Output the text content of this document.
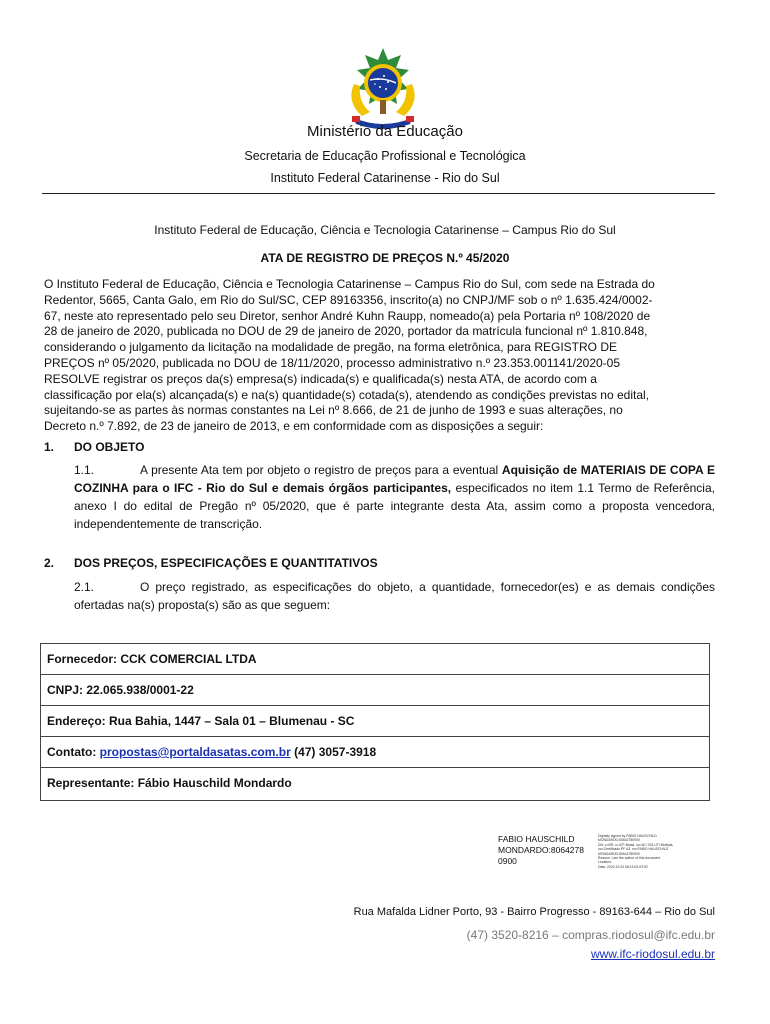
Ministério da Educação
Secretaria de Educação Profissional e Tecnológica
Instituto Federal Catarinense - Rio do Sul
Instituto Federal de Educação, Ciência e Tecnologia Catarinense – Campus Rio do Sul
ATA DE REGISTRO DE PREÇOS N.º 45/2020
O Instituto Federal de Educação, Ciência e Tecnologia Catarinense – Campus Rio do Sul, com sede na Estrada do
Redentor, 5665, Canta Galo, em Rio do Sul/SC, CEP 89163356, inscrito(a) no CNPJ/MF sob o nº 1.635.424/0002-
67, neste ato representado pelo seu Diretor, senhor André Kuhn Raupp, nomeado(a) pela Portaria nº 108/2020 de
28 de janeiro de 2020, publicada no DOU de 29 de janeiro de 2020, portador da matrícula funcional nº 1.810.848,
considerando o julgamento da licitação na modalidade de pregão, na forma eletrônica, para REGISTRO DE
PREÇOS nº 05/2020, publicada no DOU de 18/11/2020, processo administrativo n.º 23.353.001141/2020-05
RESOLVE registrar os preços da(s) empresa(s) indicada(s) e qualificada(s) nesta ATA, de acordo com a
classificação por ela(s) alcançada(s) e na(s) quantidade(s) cotada(s), atendendo as condições previstas no edital,
sujeitando-se as partes às normas constantes na Lei nº 8.666, de 21 de junho de 1993 e suas alterações, no
Decreto n.º 7.892, de 23 de janeiro de 2013, e em conformidade com as disposições a seguir:
1. DO OBJETO
1.1.	A presente Ata tem por objeto o registro de preços para a eventual Aquisição de MATERIAIS DE COPA E COZINHA para o IFC - Rio do Sul e demais órgãos participantes, especificados no item 1.1 Termo de Referência, anexo I do edital de Pregão nº 05/2020, que é parte integrante desta Ata, assim como a proposta vencedora, independentemente de transcrição.
2. DOS PREÇOS, ESPECIFICAÇÕES E QUANTITATIVOS
2.1.	O preço registrado, as especificações do objeto, a quantidade, fornecedor(es) e as demais condições ofertadas na(s) proposta(s) são as que seguem:
Fornecedor: CCK COMERCIAL LTDA
CNPJ: 22.065.938/0001-22
Endereço: Rua Bahia, 1447 – Sala 01 – Blumenau - SC
Contato: propostas@portaldasatas.com.br (47) 3057-3918
Representante: Fábio Hauschild Mondardo
FABIO HAUSCHILD
MONDARDO:8064278
0900
Digitally signed by FABIO HAUSCHILD
MONDARDO:80642780900
DN: c=BR, o=ICP-Brasil, ou=AC SOLUTI Multipla,
ou=Certificado PF A3, cn=FABIO HAUSCHILD
MONDARDO:80642780900
Reason: I am the author of this document
Location:
Date: 2020.12.04 08:13:03-03'00'
Rua Mafalda Lidner Porto, 93 - Bairro Progresso - 89163-644 – Rio do Sul
(47) 3520-8216 – compras.riodosul@ifc.edu.br
www.ifc-riodosul.edu.br
